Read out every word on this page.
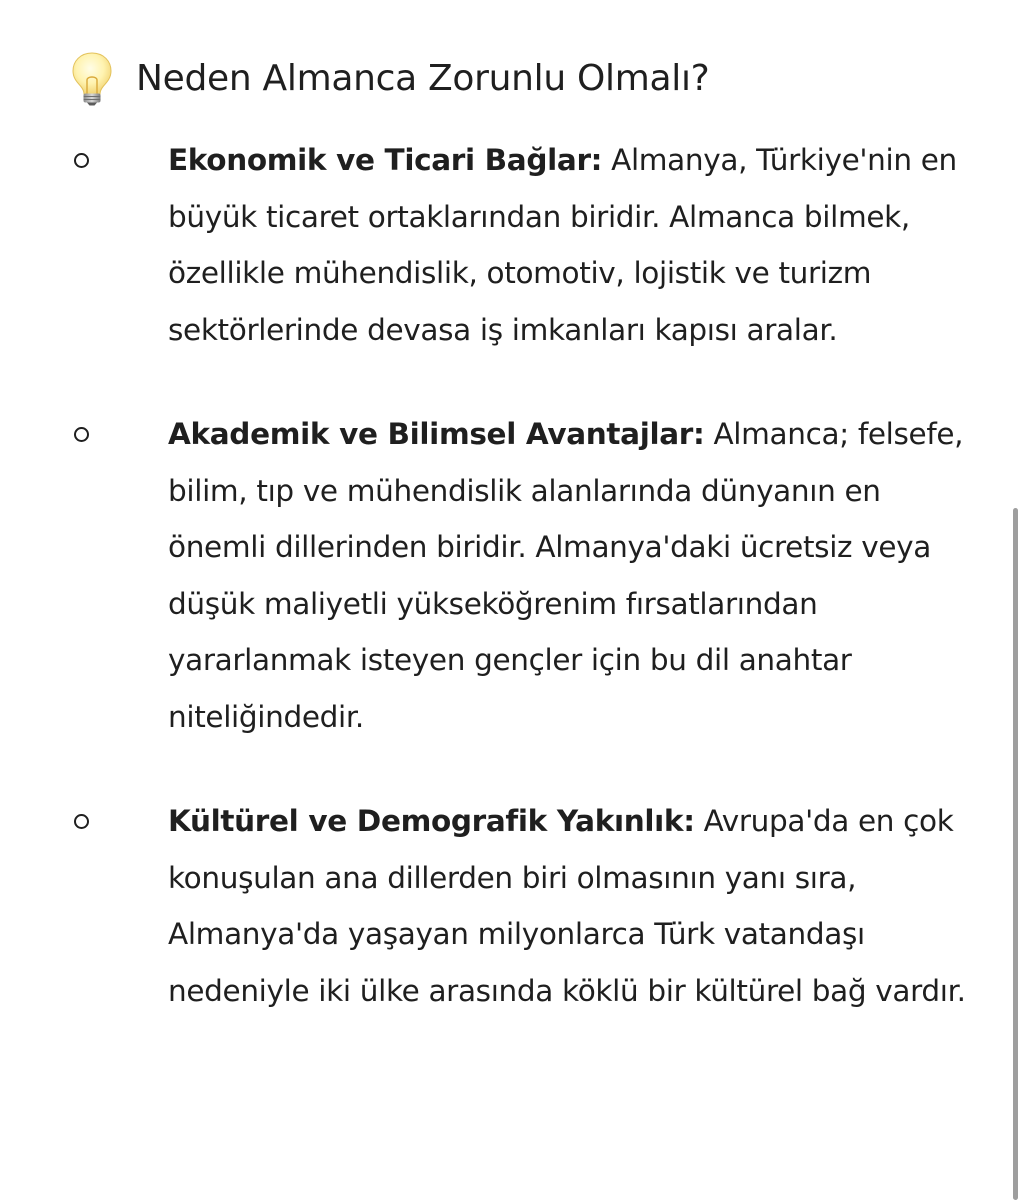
Neden Almanca Zorunlu Olmalı?
Ekonomik ve Ticari Bağlar: Almanya, Türkiye'nin en büyük ticaret ortaklarından biridir. Almanca bilmek, özellikle mühendislik, otomotiv, lojistik ve turizm sektörlerinde devasa iş imkanları kapısı aralar.
Akademik ve Bilimsel Avantajlar: Almanca; felsefe, bilim, tıp ve mühendislik alanlarında dünyanın en önemli dillerinden biridir. Almanya'daki ücretsiz veya düşük maliyetli yükseköğrenim fırsatlarından yararlanmak isteyen gençler için bu dil anahtar niteliğindedir.
Kültürel ve Demografik Yakınlık: Avrupa'da en çok konuşulan ana dillerden biri olmasının yanı sıra, Almanya'da yaşayan milyonlarca Türk vatandaşı nedeniyle iki ülke arasında köklü bir kültürel bağ vardır.
